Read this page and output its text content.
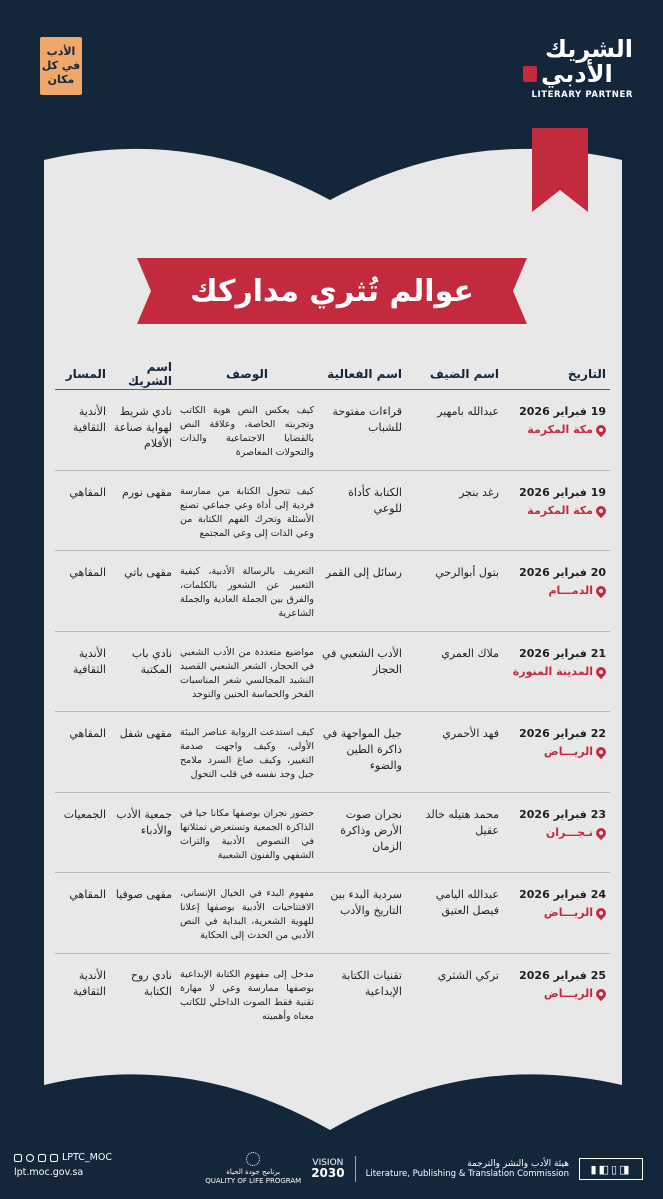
الأدب
في كل
مكان
الشريك
الأدبي
LITERARY PARTNER
عوالم تُثري مداركك
التاريخ
اسم الضيف
اسم الفعالية
الوصف
اسم الشريك
المسار
19 فبراير 2026
مكة المكرمة
عبدالله بامهير
قراءات مفتوحة للشباب
كيف يعكس النص هوية الكاتب وتجربته الخاصة، وعلاقة النص بالقضايا الاجتماعية والذات والتحولات المعاصرة
نادي شريط لهواية صناعة الأفلام
الأندية الثقافية
19 فبراير 2026
مكة المكرمة
رغد بنجر
الكتابة كأداة للوعي
كيف تتحول الكتابة من ممارسة فردية إلى أداة وعي جماعي تصنع الأسئلة وتحرك الفهم الكتابة من وعي الذات إلى وعي المجتمع
مقهى نورم
المقاهي
20 فبراير 2026
الدمـــام
بتول أبوالرحي
رسائل إلى القمر
التعريف بالرسالة الأدبية، كيفية التعبير عن الشعور بالكلمات، والفرق بين الجملة العادية والجملة الشاعرية
مقهى باتي
المقاهي
21 فبراير 2026
المدينة المنورة
ملاك العمري
الأدب الشعبي في الحجاز
مواضيع متعددة من الأدب الشعبي في الحجاز، الشعر الشعبي القصيد النشيد المجالسي شعر المناسبات الفخر والحماسة الحنين والتوجد
نادي باب المكتبة
الأندية الثقافية
22 فبراير 2026
الريـــاض
فهد الأحمري
جيل المواجهة في ذاكرة الطين والضوء
كيف استدعت الرواية عناصر البيئة الأولى، وكيف واجهت صدمة التغيير، وكيف صاغ السرد ملامح جيل وجد نفسه في قلب التحول
مقهى شفل
المقاهي
23 فبراير 2026
نـجـــران
محمد هتيله خالد عقيل
نجران صوت الأرض وذاكرة الزمان
حضور نجران بوصفها مكانا حيا في الذاكرة الجمعية وتستعرض تمثلاتها في النصوص الأدبية والتراث الشفهي والفنون الشعبية
جمعية الأدب والأدباء
الجمعيات
24 فبراير 2026
الريـــاض
عبدالله اليامي فيصل العتيق
سردية البدء بين التاريخ والأدب
مفهوم البدء في الخيال الإنساني، الافتتاحيات الأدبية بوصفها إعلانا للهوية الشعرية، البداية في النص الأدبي من الحدث إلى الحكاية
مقهى صوفيا
المقاهي
25 فبراير 2026
الريـــاض
تركي الشثري
تقنيات الكتابة الإبداعية
مدخل إلى مفهوم الكتابة الإبداعية بوصفها ممارسة وعي لا مهارة تقنية فقط الصوت الداخلي للكاتب معناه وأهميته
نادي روح الكتابة
الأندية الثقافية
LPTC_MOC
lpt.moc.gov.sa	برنامج جودة الحياة
QUALITY OF LIFE PROGRAM
VISION
2030
هيئة الأدب والنشر والترجمة
Literature, Publishing & Translation Commission	▮◧▯◨
